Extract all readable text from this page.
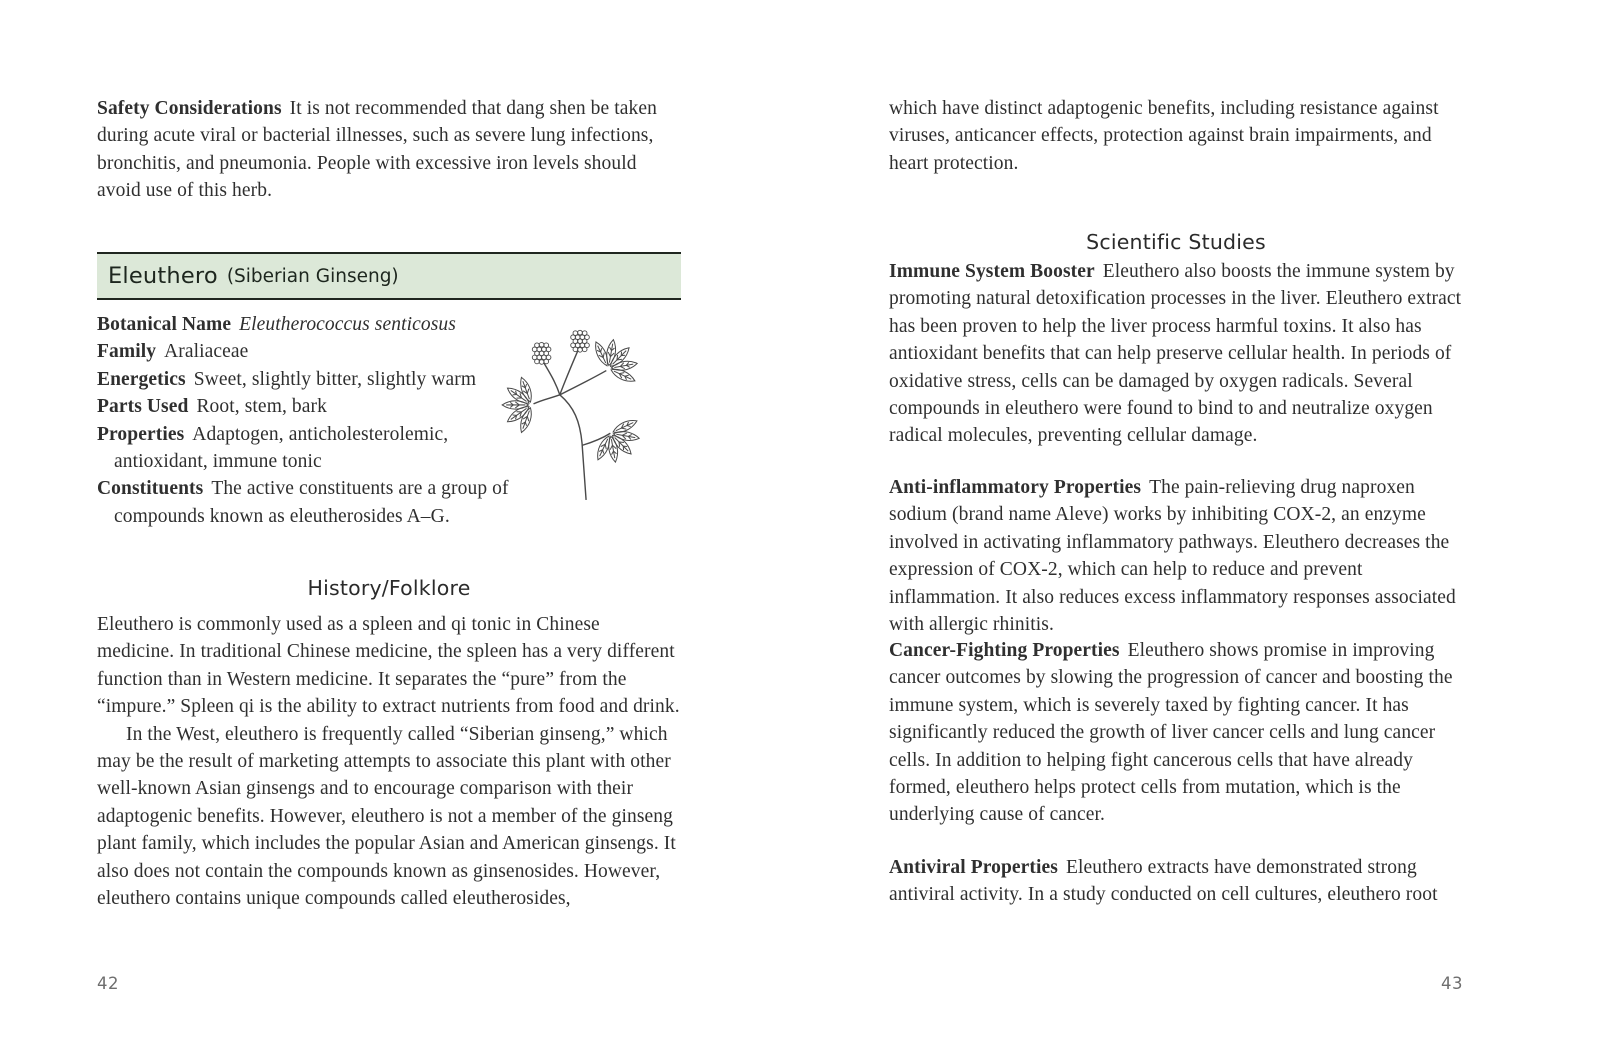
Safety Considerations It is not recommended that dang shen be taken during acute viral or bacterial illnesses, such as severe lung infections, bronchitis, and pneumonia. People with excessive iron levels should avoid use of this herb.

Eleuthero (Siberian Ginseng)
Botanical Name Eleutherococcus senticosus
Family Araliaceae
Energetics Sweet, slightly bitter, slightly warm
Parts Used Root, stem, bark
Properties Adaptogen, anticholesterolemic, antioxidant, immune tonic
Constituents The active constituents are a group of compounds known as eleutherosides A–G.
History/Folklore

Eleuthero is commonly used as a spleen and qi tonic in Chinese medicine. In traditional Chinese medicine, the spleen has a very different function than in Western medicine. It separates the “pure” from the “impure.” Spleen qi is the ability to extract nutrients from food and drink.

In the West, eleuthero is frequently called “Siberian ginseng,” which may be the result of marketing attempts to associate this plant with other well-known Asian ginsengs and to encourage comparison with their adaptogenic benefits. However, eleuthero is not a member of the ginseng plant family, which includes the popular Asian and American ginsengs. It also does not contain the compounds known as ginsenosides. However, eleuthero contains unique compounds called eleutherosides,

42

which have distinct adaptogenic benefits, including resistance against viruses, anticancer effects, protection against brain impairments, and heart protection.

Scientific Studies

Immune System Booster Eleuthero also boosts the immune system by promoting natural detoxification processes in the liver. Eleuthero extract has been proven to help the liver process harmful toxins. It also has antioxidant benefits that can help preserve cellular health. In periods of oxidative stress, cells can be damaged by oxygen radicals. Several compounds in eleuthero were found to bind to and neutralize oxygen radical molecules, preventing cellular damage.

Anti-inflammatory Properties The pain-relieving drug naproxen sodium (brand name Aleve) works by inhibiting COX-2, an enzyme involved in activating inflammatory pathways. Eleuthero decreases the expression of COX-2, which can help to reduce and prevent inflammation. It also reduces excess inflammatory responses associated with allergic rhinitis.

Cancer-Fighting Properties Eleuthero shows promise in improving cancer outcomes by slowing the progression of cancer and boosting the immune system, which is severely taxed by fighting cancer. It has significantly reduced the growth of liver cancer cells and lung cancer cells. In addition to helping fight cancerous cells that have already formed, eleuthero helps protect cells from mutation, which is the underlying cause of cancer.

Antiviral Properties Eleuthero extracts have demonstrated strong antiviral activity. In a study conducted on cell cultures, eleuthero root

43
